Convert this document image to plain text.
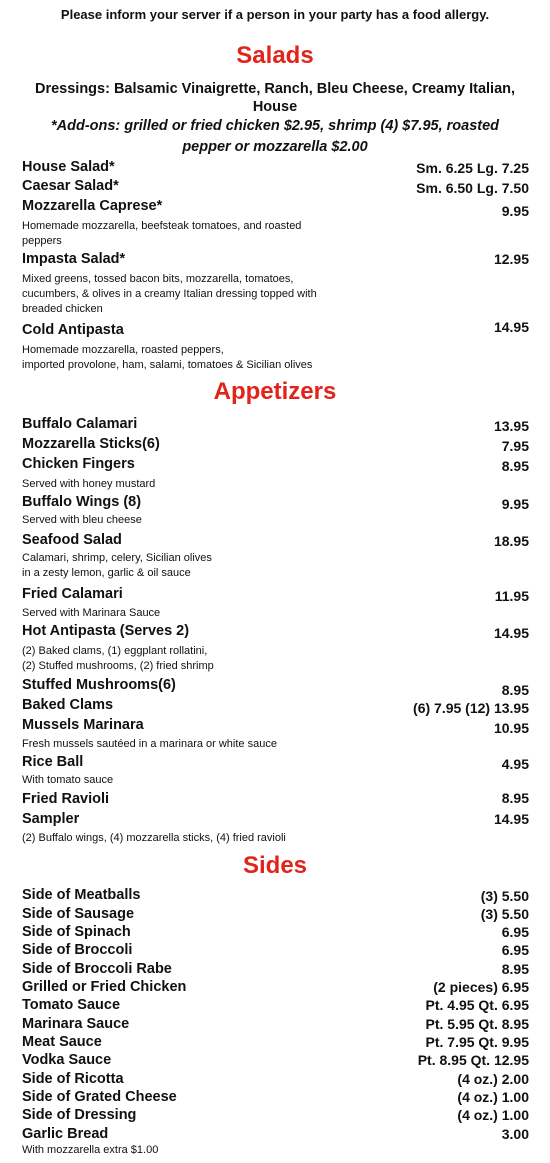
Please inform your server if a person in your party has a food allergy.
Salads
Dressings: Balsamic Vinaigrette, Ranch, Bleu Cheese, Creamy Italian,
House
*Add-ons: grilled or fried chicken $2.95, shrimp (4) $7.95, roasted
pepper or mozzarella $2.00
House Salad*	Sm. 6.25 Lg. 7.25
Caesar Salad*	Sm. 6.50 Lg. 7.50
Mozzarella Caprese*	9.95
Homemade mozzarella, beefsteak tomatoes, and roasted
peppers
Impasta Salad*	12.95
Mixed greens, tossed bacon bits, mozzarella, tomatoes,
cucumbers, & olives in a creamy Italian dressing topped with
breaded chicken
Cold Antipasta	14.95
Homemade mozzarella, roasted peppers,
imported provolone, ham, salami, tomatoes & Sicilian olives
Appetizers
Buffalo Calamari	13.95
Mozzarella Sticks(6)	7.95
Chicken Fingers	8.95
Served with honey mustard
Buffalo Wings (8)	9.95
Served with bleu cheese
Seafood Salad	18.95
Calamari, shrimp, celery, Sicilian olives
in a zesty lemon, garlic & oil sauce
Fried Calamari	11.95
Served with Marinara Sauce
Hot Antipasta (Serves 2)	14.95
(2) Baked clams, (1) eggplant rollatini,
(2) Stuffed mushrooms, (2) fried shrimp
Stuffed Mushrooms(6)	8.95
Baked Clams	(6) 7.95 (12) 13.95
Mussels Marinara	10.95
Fresh mussels sautéed in a marinara or white sauce
Rice Ball	4.95
With tomato sauce
Fried Ravioli	8.95
Sampler	14.95
(2) Buffalo wings, (4) mozzarella sticks, (4) fried ravioli
Sides
Side of Meatballs	(3) 5.50
Side of Sausage	(3) 5.50
Side of Spinach	6.95
Side of Broccoli	6.95
Side of Broccoli Rabe	8.95
Grilled or Fried Chicken	(2 pieces) 6.95
Tomato Sauce	Pt. 4.95 Qt. 6.95
Marinara Sauce	Pt. 5.95 Qt. 8.95
Meat Sauce	Pt. 7.95 Qt. 9.95
Vodka Sauce	Pt. 8.95 Qt. 12.95
Side of Ricotta	(4 oz.) 2.00
Side of Grated Cheese	(4 oz.) 1.00
Side of Dressing	(4 oz.) 1.00
Garlic Bread	3.00
With mozzarella extra $1.00
